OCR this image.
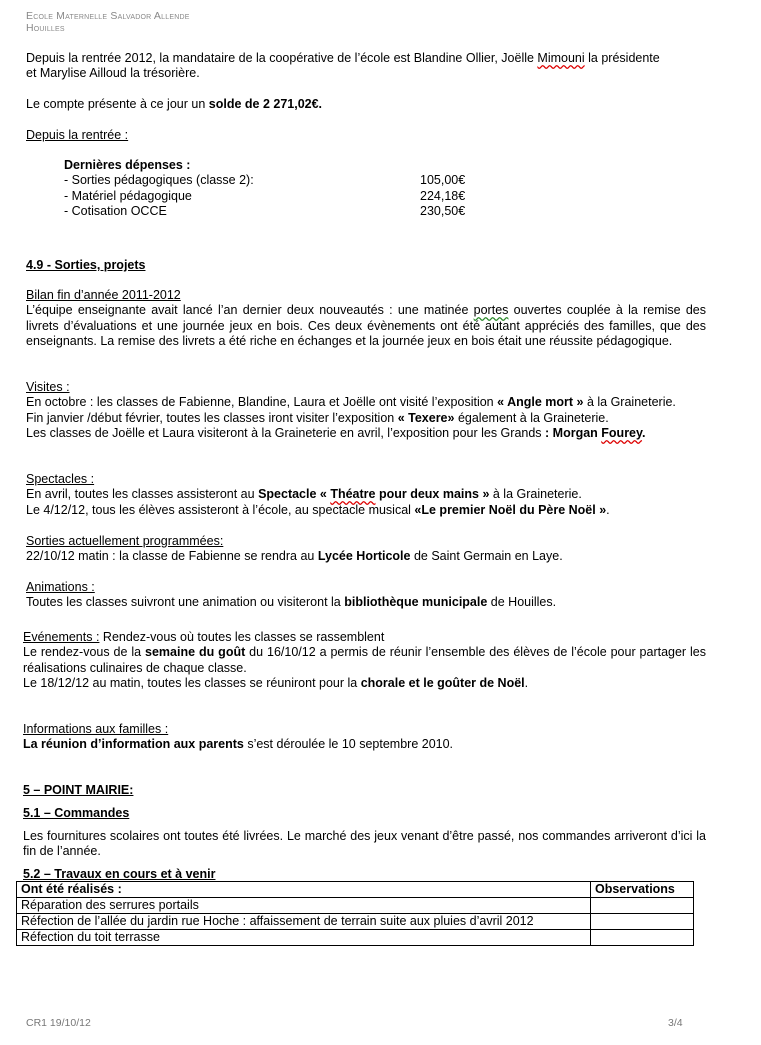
Ecole Maternelle Salvador Allende
Houilles

Depuis la rentrée 2012, la mandataire de la coopérative de l’école est Blandine Ollier, Joëlle Mimouni la présidente
et Marylise Ailloud la trésorière.

Le compte présente à ce jour un solde de 2 271,02€.
Depuis la rentrée :
Dernières dépenses :
- Sorties pédagogiques (classe 2):	105,00€
- Matériel pédagogique	224,18€
- Cotisation OCCE	230,50€
4.9 - Sorties, projets
Bilan fin d’année 2011-2012

L’équipe enseignante avait lancé l’an dernier deux nouveautés : une matinée portes ouvertes couplée à la remise des livrets d’évaluations et une journée jeux en bois. Ces deux évènements ont été autant appréciés des familles, que des enseignants. La remise des livrets a été riche en échanges et la journée jeux en bois était une réussite pédagogique.

Visites :

En octobre : les classes de Fabienne, Blandine, Laura et Joëlle ont visité l’exposition « Angle mort » à la Graineterie.

Fin janvier /début février, toutes les classes iront visiter l’exposition « Texere» également à la Graineterie.

Les classes de Joëlle et Laura visiteront à la Graineterie en avril, l’exposition pour les Grands : Morgan Fourey.

Spectacles :

En avril, toutes les classes assisteront au Spectacle « Théatre pour deux mains » à la Graineterie.

Le 4/12/12, tous les élèves assisteront à l’école, au spectacle musical «Le premier Noël du Père Noël ».

Sorties actuellement programmées:

22/10/12 matin : la classe de Fabienne se rendra au Lycée Horticole de Saint Germain en Laye.

Animations :

Toutes les classes suivront une animation ou visiteront la bibliothèque municipale de Houilles.

Evénements : Rendez-vous où toutes les classes se rassemblent

Le rendez-vous de la semaine du goût du 16/10/12 a permis de réunir l’ensemble des élèves de l’école pour partager les réalisations culinaires de chaque classe.

Le 18/12/12 au matin, toutes les classes se réuniront pour la chorale et le goûter de Noël.

Informations aux familles :

La réunion d’information aux parents s’est déroulée le 10 septembre 2010.

5 – POINT MAIRIE:
5.1 – Commandes

Les fournitures scolaires ont toutes été livrées. Le marché des jeux venant d’être passé, nos commandes arriveront d’ici la fin de l’année.

5.2 – Travaux en cours et à venir
Ont été réalisés :	Observations
Réparation des serrures portails	
Réfection de l’allée du jardin rue Hoche : affaissement de terrain suite aux pluies d’avril 2012	
Réfection du toit terrasse	
CR1 19/10/12	3/4
